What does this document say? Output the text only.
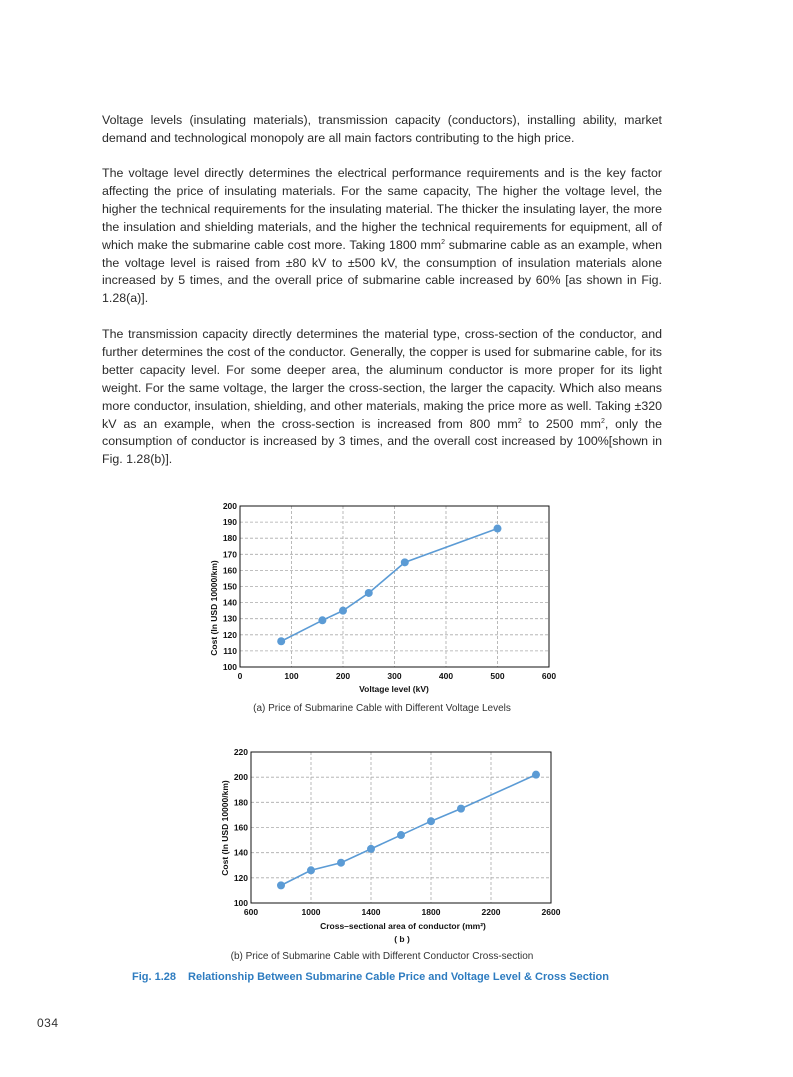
Voltage levels (insulating materials), transmission capacity (conductors), installing ability, market demand and technological monopoly are all main factors contributing to the high price.
The voltage level directly determines the electrical performance requirements and is the key factor affecting the price of insulating materials. For the same capacity, The higher the voltage level, the higher the technical requirements for the insulating material. The thicker the insulating layer, the more the insulation and shielding materials, and the higher the technical requirements for equipment, all of which make the submarine cable cost more. Taking 1800 $mm^2$ submarine cable as an example, when the voltage level is raised from ±80 kV to ±500 kV, the consumption of insulation materials alone increased by 5 times, and the overall price of submarine cable increased by 60% [as shown in Fig. 1.28(a)].
The transmission capacity directly determines the material type, cross-section of the conductor, and further determines the cost of the conductor. Generally, the copper is used for submarine cable, for its better capacity level. For some deeper area, the aluminum conductor is more proper for its light weight. For the same voltage, the larger the cross-section, the larger the capacity. Which also means more conductor, insulation, shielding, and other materials, making the price more as well. Taking ±320 kV as an example, when the cross-section is increased from 800 $mm^2$ to 2500 $mm^2$, only the consumption of conductor is increased by 3 times, and the overall cost increased by 100%[shown in Fig. 1.28(b)].
0	100	200	300	400	500	600
100
110
120
130
140
150
160
170
180
190
200
Voltage level (kV)
Cost (In USD 10000/km)
(a) Price of Submarine Cable with Different Voltage Levels
600	1000	1400	1800	2200	2600
100
120
140
160
180
200
220
Cross–sectional area of conductor (mm²)
( b )
Cost (In USD 10000/km)
(b) Price of Submarine Cable with Different Conductor Cross-section
Fig. 1.28 Relationship Between Submarine Cable Price and Voltage Level & Cross Section
034
